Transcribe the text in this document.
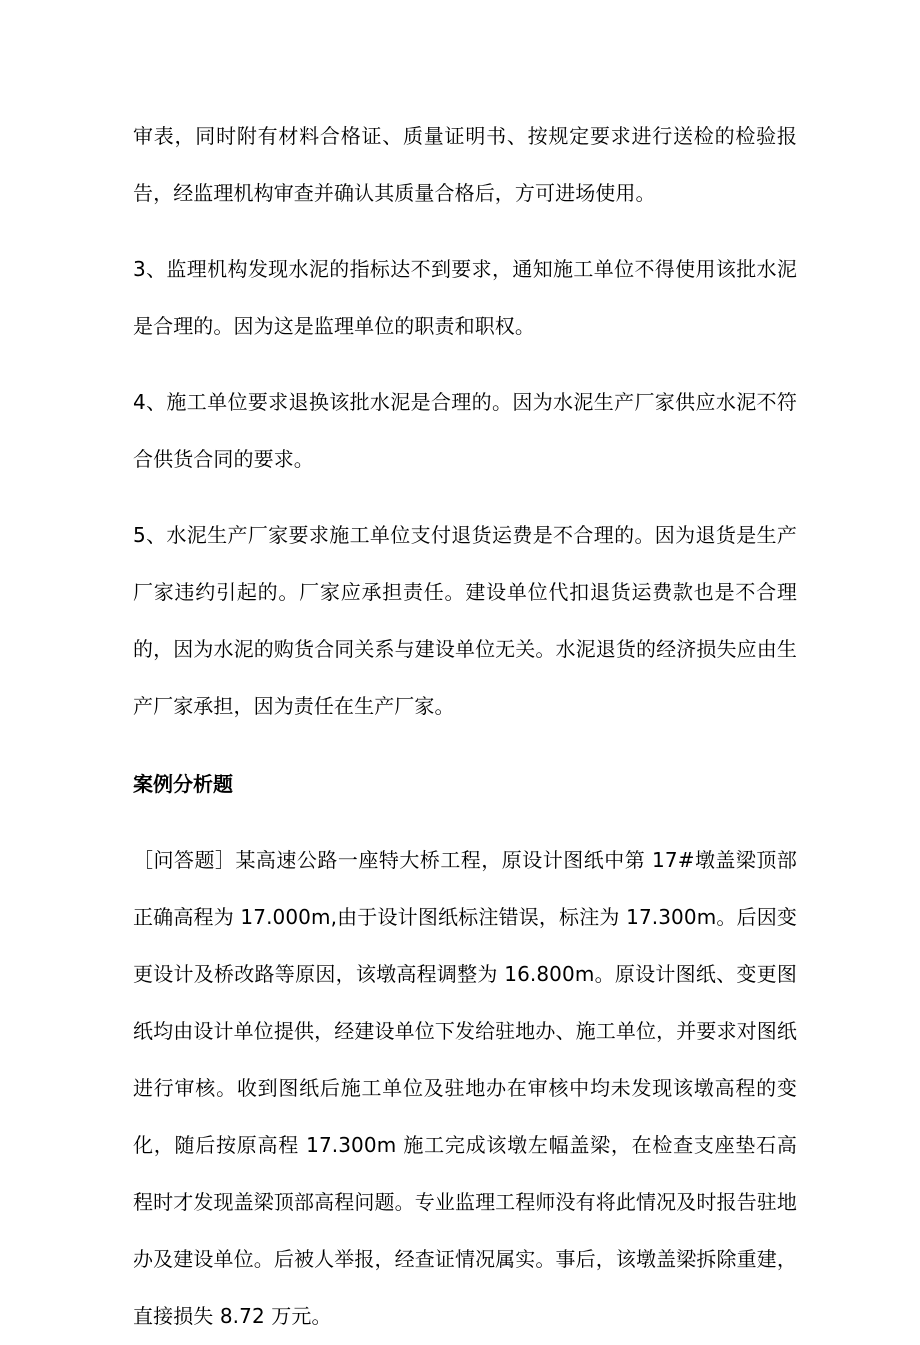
审表，同时附有材料合格证、质量证明书、按规定要求进行送检的检验报告，经监理机构审查并确认其质量合格后，方可进场使用。

3、监理机构发现水泥的指标达不到要求，通知施工单位不得使用该批水泥是合理的。因为这是监理单位的职责和职权。

4、施工单位要求退换该批水泥是合理的。因为水泥生产厂家供应水泥不符合供货合同的要求。

5、水泥生产厂家要求施工单位支付退货运费是不合理的。因为退货是生产厂家违约引起的。厂家应承担责任。建设单位代扣退货运费款也是不合理的，因为水泥的购货合同关系与建设单位无关。水泥退货的经济损失应由生产厂家承担，因为责任在生产厂家。

案例分析题

［问答题］某高速公路一座特大桥工程，原设计图纸中第 17#墩盖梁顶部正确高程为 17.000m,由于设计图纸标注错误，标注为 17.300m。后因变更设计及桥改路等原因，该墩高程调整为 16.800m。原设计图纸、变更图纸均由设计单位提供，经建设单位下发给驻地办、施工单位，并要求对图纸进行审核。收到图纸后施工单位及驻地办在审核中均未发现该墩高程的变化，随后按原高程 17.300m 施工完成该墩左幅盖梁，在检查支座垫石高程时才发现盖梁顶部高程问题。专业监理工程师没有将此情况及时报告驻地办及建设单位。后被人举报，经查证情况属实。事后，该墩盖梁拆除重建，直接损失 8.72 万元。
